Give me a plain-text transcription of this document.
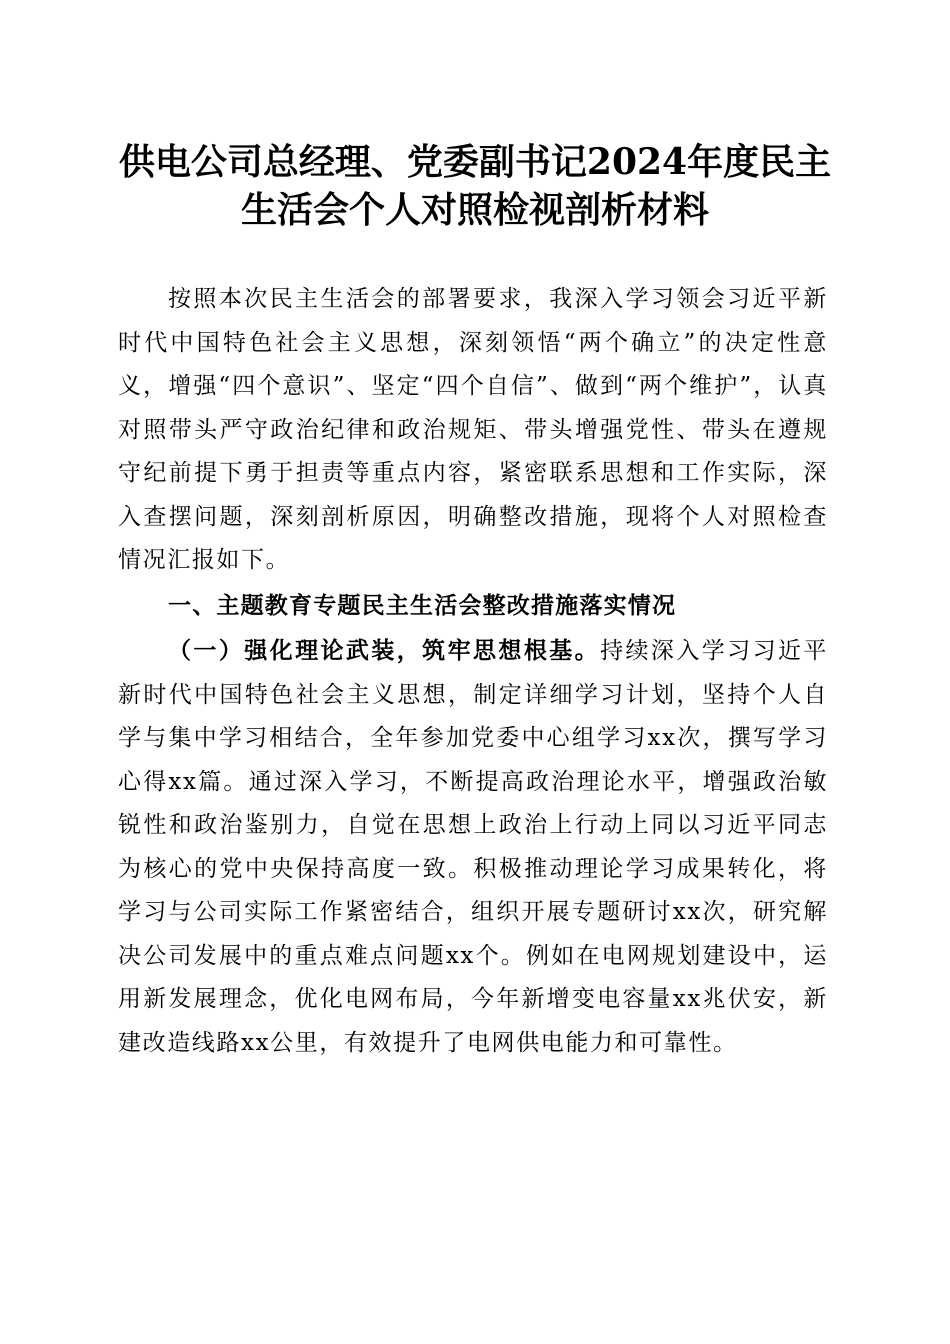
供电公司总经理、党委副书记2024年度民主
生活会个人对照检视剖析材料

按照本次民主生活会的部署要求，我深入学习领会习近平新时代中国特色社会主义思想，深刻领悟“两个确立”的决定性意义，增强“四个意识”、坚定“四个自信”、做到“两个维护”，认真对照带头严守政治纪律和政治规矩、带头增强党性、带头在遵规守纪前提下勇于担责等重点内容，紧密联系思想和工作实际，深入查摆问题，深刻剖析原因，明确整改措施，现将个人对照检查情况汇报如下。

一、主题教育专题民主生活会整改措施落实情况

（一）强化理论武装，筑牢思想根基。持续深入学习习近平新时代中国特色社会主义思想，制定详细学习计划，坚持个人自学与集中学习相结合，全年参加党委中心组学习xx次，撰写学习心得xx篇。通过深入学习，不断提高政治理论水平，增强政治敏锐性和政治鉴别力，自觉在思想上政治上行动上同以习近平同志为核心的党中央保持高度一致。积极推动理论学习成果转化，将学习与公司实际工作紧密结合，组织开展专题研讨xx次，研究解决公司发展中的重点难点问题xx个。例如在电网规划建设中，运用新发展理念，优化电网布局，今年新增变电容量xx兆伏安，新建改造线路xx公里，有效提升了电网供电能力和可靠性。
